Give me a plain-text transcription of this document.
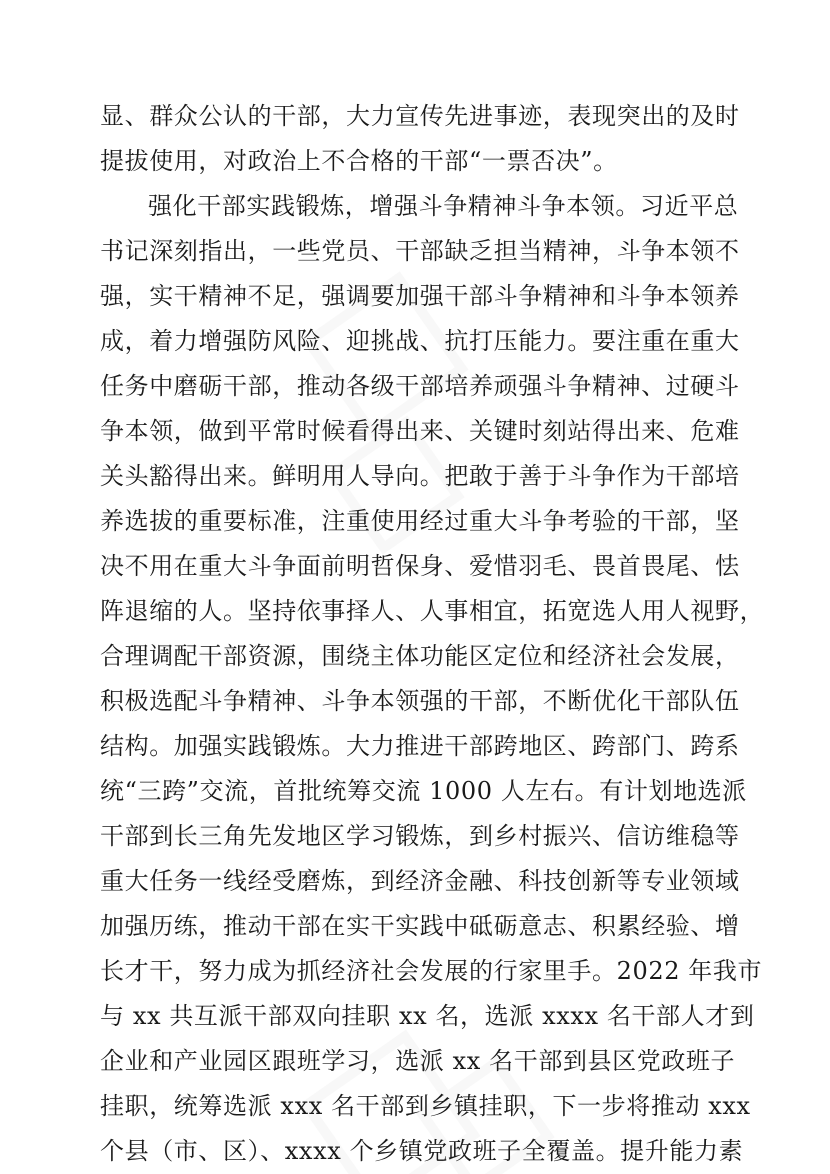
显、群众公认的干部，大力宣传先进事迹，表现突出的及时
提拔使用，对政治上不合格的干部“一票否决”。
强化干部实践锻炼，增强斗争精神斗争本领。习近平总
书记深刻指出，一些党员、干部缺乏担当精神，斗争本领不
强，实干精神不足，强调要加强干部斗争精神和斗争本领养
成，着力增强防风险、迎挑战、抗打压能力。要注重在重大
任务中磨砺干部，推动各级干部培养顽强斗争精神、过硬斗
争本领，做到平常时候看得出来、关键时刻站得出来、危难
关头豁得出来。鲜明用人导向。把敢于善于斗争作为干部培
养选拔的重要标准，注重使用经过重大斗争考验的干部，坚
决不用在重大斗争面前明哲保身、爱惜羽毛、畏首畏尾、怯
阵退缩的人。坚持依事择人、人事相宜，拓宽选人用人视野，
合理调配干部资源，围绕主体功能区定位和经济社会发展，
积极选配斗争精神、斗争本领强的干部，不断优化干部队伍
结构。加强实践锻炼。大力推进干部跨地区、跨部门、跨系
统“三跨”交流，首批统筹交流 1000 人左右。有计划地选派
干部到长三角先发地区学习锻炼，到乡村振兴、信访维稳等
重大任务一线经受磨炼，到经济金融、科技创新等专业领域
加强历练，推动干部在实干实践中砥砺意志、积累经验、增
长才干，努力成为抓经济社会发展的行家里手。2022 年我市
与 xx 共互派干部双向挂职 xx 名，选派 xxxx 名干部人才到
企业和产业园区跟班学习，选派 xx 名干部到县区党政班子
挂职，统筹选派 xxx 名干部到乡镇挂职，下一步将推动 xxx
个县（市、区）、xxxx 个乡镇党政班子全覆盖。提升能力素
